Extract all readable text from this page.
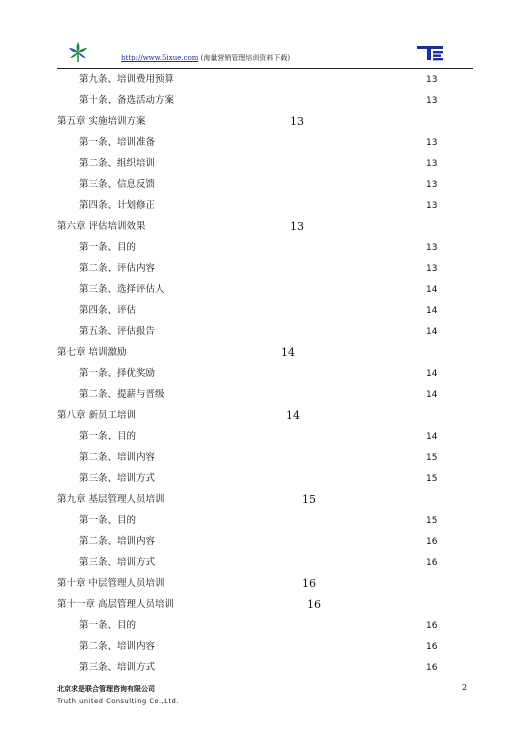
http://www.5ixue.com (海量营销管理培训资料下载)
第九条、培训费用预算	13
第十条、备选活动方案	13
第五章 实施培训方案	13
第一条、培训准备	13
第二条、组织培训	13
第三条、信息反馈	13
第四条、计划修正	13
第六章 评估培训效果	13
第一条、目的	13
第二条、评估内容	13
第三条、选择评估人	14
第四条、评估	14
第五条、评估报告	14
第七章 培训激励	14
第一条、择优奖励	14
第二条、提薪与晋级	14
第八章 新员工培训	14
第一条、目的	14
第二条、培训内容	15
第三条、培训方式	15
第九章 基层管理人员培训	15
第一条、目的	15
第二条、培训内容	16
第三条、培训方式	16
第十章 中层管理人员培训	16
第十一章 高层管理人员培训	16
第一条、目的	16
第二条、培训内容	16
第三条、培训方式	16
北京求是联合管理咨询有限公司
Truth united Consulting Co.,Ltd.
2
